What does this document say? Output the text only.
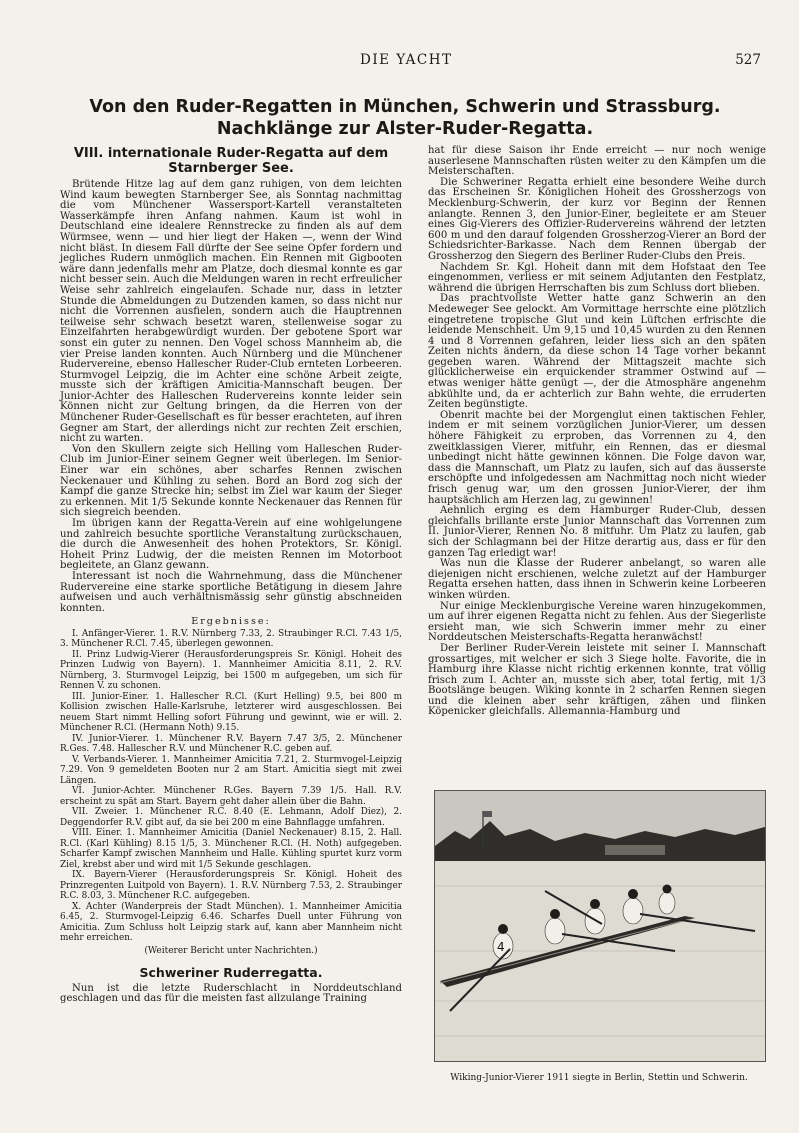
DIE YACHT	527
Von den Ruder-Regatten in München, Schwerin und Strassburg.
Nachklänge zur Alster-Ruder-Regatta.
VIII. internationale Ruder-Regatta auf dem Starnberger See.

Brütende Hitze lag auf dem ganz ruhigen, von dem leichten Wind kaum bewegten Starnberger See, als Sonntag nachmittag die vom Münchener Wassersport-Kartell veranstalteten Wasserkämpfe ihren Anfang nahmen. Kaum ist wohl in Deutschland eine idealere Rennstrecke zu finden als auf dem Würmsee, wenn — und hier liegt der Haken —, wenn der Wind nicht bläst. In diesem Fall dürfte der See seine Opfer fordern und jegliches Rudern unmöglich machen. Ein Rennen mit Gigbooten wäre dann jedenfalls mehr am Platze, doch diesmal konnte es gar nicht besser sein. Auch die Meldungen waren in recht erfreulicher Weise sehr zahlreich eingelaufen. Schade nur, dass in letzter Stunde die Abmeldungen zu Dutzenden kamen, so dass nicht nur nicht die Vorrennen ausfielen, sondern auch die Hauptrennen teilweise sehr schwach besetzt waren, stellenweise sogar zu Einzelfahrten herabgewürdigt wurden. Der gebotene Sport war sonst ein guter zu nennen. Den Vogel schoss Mannheim ab, die vier Preise landen konnten. Auch Nürnberg und die Münchener Rudervereine, ebenso Hallescher Ruder-Club ernteten Lorbeeren. Sturmvogel Leipzig, die im Achter eine schöne Arbeit zeigte, musste sich der kräftigen Amicitia-Mannschaft beugen. Der Junior-Achter des Halleschen Rudervereins konnte leider sein Können nicht zur Geltung bringen, da die Herren von der Münchener Ruder-Gesellschaft es für besser erachteten, auf ihren Gegner am Start, der allerdings nicht zur rechten Zeit erschien, nicht zu warten.

Von den Skullern zeigte sich Helling vom Halleschen Ruder-Club im Junior-Einer seinem Gegner weit überlegen. Im Senior-Einer war ein schönes, aber scharfes Rennen zwischen Neckenauer und Kühling zu sehen. Bord an Bord zog sich der Kampf die ganze Strecke hin; selbst im Ziel war kaum der Sieger zu erkennen. Mit 1/5 Sekunde konnte Neckenauer das Rennen für sich siegreich beenden.

Im übrigen kann der Regatta-Verein auf eine wohlgelungene und zahlreich besuchte sportliche Veranstaltung zurückschauen, die durch die Anwesenheit des hohen Protektors, Sr. Königl. Hoheit Prinz Ludwig, der die meisten Rennen im Motorboot begleitete, an Glanz gewann.

Interessant ist noch die Wahrnehmung, dass die Münchener Rudervereine eine starke sportliche Betätigung in diesem Jahre aufweisen und auch verhältnismässig sehr günstig abschneiden konnten.

Ergebnisse:

I. Anfänger-Vierer. 1. R.V. Nürnberg 7.33, 2. Straubinger R.Cl. 7.43 1/5, 3. Münchener R.Cl. 7.45, überlegen gewonnen.

II. Prinz Ludwig-Vierer (Herausforderungspreis Sr. Königl. Hoheit des Prinzen Ludwig von Bayern). 1. Mannheimer Amicitia 8.11, 2. R.V. Nürnberg, 3. Sturmvogel Leipzig, bei 1500 m aufgegeben, um sich für Rennen V. zu schonen.

III. Junior-Einer. 1. Hallescher R.Cl. (Kurt Helling) 9.5, bei 800 m Kollision zwischen Halle-Karlsruhe, letzterer wird ausgeschlossen. Bei neuem Start nimmt Helling sofort Führung und gewinnt, wie er will. 2. Münchener R.Cl. (Hermann Noth) 9.15.

IV. Junior-Vierer. 1. Münchener R.V. Bayern 7.47 3/5, 2. Münchener R.Ges. 7.48. Hallescher R.V. und Münchener R.C. geben auf.

V. Verbands-Vierer. 1. Mannheimer Amicitia 7.21, 2. Sturmvogel-Leipzig 7.29. Von 9 gemeldeten Booten nur 2 am Start. Amicitia siegt mit zwei Längen.

VI. Junior-Achter. Münchener R.Ges. Bayern 7.39 1/5. Hall. R.V. erscheint zu spät am Start. Bayern geht daher allein über die Bahn.

VII. Zweier. 1. Münchener R.C. 8.40 (E. Lehmann, Adolf Diez), 2. Deggendorfer R.V. gibt auf, da sie bei 200 m eine Bahnflagge umfahren.

VIII. Einer. 1. Mannheimer Amicitia (Daniel Neckenauer) 8.15, 2. Hall. R.Cl. (Karl Kühling) 8.15 1/5, 3. Münchener R.Cl. (H. Noth) aufgegeben. Scharfer Kampf zwischen Mannheim und Halle. Kühling spurtet kurz vorm Ziel, krebst aber und wird mit 1/5 Sekunde geschlagen.

IX. Bayern-Vierer (Herausforderungspreis Sr. Königl. Hoheit des Prinzregenten Luitpold von Bayern). 1. R.V. Nürnberg 7.53, 2. Straubinger R.C. 8.03, 3. Münchener R.C. aufgegeben.

X. Achter (Wanderpreis der Stadt München). 1. Mannheimer Amicitia 6.45, 2. Sturmvogel-Leipzig 6.46. Scharfes Duell unter Führung von Amicitia. Zum Schluss holt Leipzig stark auf, kann aber Mannheim nicht mehr erreichen.

(Weiterer Bericht unter Nachrichten.)
Schweriner Ruderregatta.

Nun ist die letzte Ruderschlacht in Norddeutschland geschlagen und das für die meisten fast allzulange Training

hat für diese Saison ihr Ende erreicht — nur noch wenige auserlesene Mannschaften rüsten weiter zu den Kämpfen um die Meisterschaften.

Die Schweriner Regatta erhielt eine besondere Weihe durch das Erscheinen Sr. Königlichen Hoheit des Grossherzogs von Mecklenburg-Schwerin, der kurz vor Beginn der Rennen anlangte. Rennen 3, den Junior-Einer, begleitete er am Steuer eines Gig-Vierers des Offizier-Rudervereins während der letzten 600 m und den darauf folgenden Grossherzog-Vierer an Bord der Schiedsrichter-Barkasse. Nach dem Rennen übergab der Grossherzog den Siegern des Berliner Ruder-Clubs den Preis.

Nachdem Sr. Kgl. Hoheit dann mit dem Hofstaat den Tee eingenommen, verliess er mit seinem Adjutanten den Festplatz, während die übrigen Herrschaften bis zum Schluss dort blieben.

Das prachtvollste Wetter hatte ganz Schwerin an den Medeweger See gelockt. Am Vormittage herrschte eine plötzlich eingetretene tropische Glut und kein Lüftchen erfrischte die leidende Menschheit. Um 9,15 und 10,45 wurden zu den Rennen 4 und 8 Vorrennen gefahren, leider liess sich an den späten Zeiten nichts ändern, da diese schon 14 Tage vorher bekannt gegeben waren. Während der Mittagszeit machte sich glücklicherweise ein erquickender strammer Ostwind auf — etwas weniger hätte genügt —, der die Atmosphäre angenehm abkühlte und, da er achterlich zur Bahn wehte, die erruderten Zeiten begünstigte.

Obenrit machte bei der Morgenglut einen taktischen Fehler, indem er mit seinem vorzüglichen Junior-Vierer, um dessen höhere Fähigkeit zu erproben, das Vorrennen zu 4, den zweitklassigen Vierer, mitfuhr, ein Rennen, das er diesmal unbedingt nicht hätte gewinnen können. Die Folge davon war, dass die Mannschaft, um Platz zu laufen, sich auf das äusserste erschöpfte und infolgedessen am Nachmittag noch nicht wieder frisch genug war, um den grossen Junior-Vierer, der ihm hauptsächlich am Herzen lag, zu gewinnen!

Aehnlich erging es dem Hamburger Ruder-Club, dessen gleichfalls brillante erste Junior Mannschaft das Vorrennen zum II. Junior-Vierer, Rennen No. 8 mitfuhr. Um Platz zu laufen, gab sich der Schlagmann bei der Hitze derartig aus, dass er für den ganzen Tag erledigt war!

Was nun die Klasse der Ruderer anbelangt, so waren alle diejenigen nicht erschienen, welche zuletzt auf der Hamburger Regatta ersehen hatten, dass ihnen in Schwerin keine Lorbeeren winken würden.

Nur einige Mecklenburgische Vereine waren hinzugekommen, um auf ihrer eigenen Regatta nicht zu fehlen. Aus der Siegerliste ersieht man, wie sich Schwerin immer mehr zu einer Norddeutschen Meisterschafts-Regatta heranwächst!

Der Berliner Ruder-Verein leistete mit seiner I. Mannschaft grossartiges, mit welcher er sich 3 Siege holte. Favorite, die in Hamburg ihre Klasse nicht richtig erkennen konnte, trat völlig frisch zum I. Achter an, musste sich aber, total fertig, mit 1/3 Bootslänge beugen. Wiking konnte in 2 scharfen Rennen siegen und die kleinen aber sehr kräftigen, zähen und flinken Köpenicker gleichfalls. Allemannia-Hamburg und

4
Wiking-Junior-Vierer 1911 siegte in Berlin, Stettin und Schwerin.
